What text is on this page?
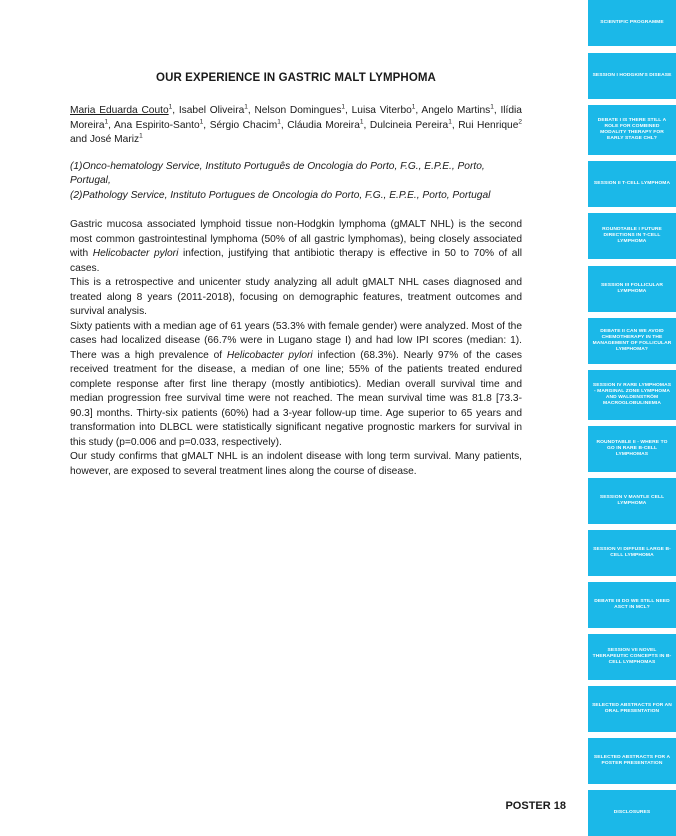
OUR EXPERIENCE IN GASTRIC MALT LYMPHOMA
Maria Eduarda Couto$^1$, Isabel Oliveira$^1$, Nelson Domingues$^1$, Luisa Viterbo$^1$, Angelo Martins$^1$, Ilídia Moreira$^1$, Ana Espirito-Santo$^1$, Sérgio Chacim$^1$, Cláudia Moreira$^1$, Dulcineia Pereira$^1$, Rui Henrique$^2$ and José Mariz$^1$
(1)Onco-hematology Service, Instituto Português de Oncologia do Porto, F.G., E.P.E., Porto, Portugal,
(2)Pathology Service, Instituto Portugues de Oncologia do Porto, F.G., E.P.E., Porto, Portugal

Gastric mucosa associated lymphoid tissue non-Hodgkin lymphoma (gMALT NHL) is the second most common gastrointestinal lymphoma (50% of all gastric lymphomas), being closely associated with Helicobacter pylori infection, justifying that antibiotic therapy is effective in 50 to 70% of all cases.

This is a retrospective and unicenter study analyzing all adult gMALT NHL cases diagnosed and treated along 8 years (2011-2018), focusing on demographic features, treatment outcomes and survival analysis.

Sixty patients with a median age of 61 years (53.3% with female gender) were analyzed. Most of the cases had localized disease (66.7% were in Lugano stage I) and had low IPI scores (median: 1). There was a high prevalence of Helicobacter pylori infection (68.3%). Nearly 97% of the cases received treatment for the disease, a median of one line; 55% of the patients treated endured complete response after first line therapy (mostly antibiotics). Median overall survival time and median progression free survival time were not reached. The mean survival time was 81.8 [73.3-90.3] months. Thirty-six patients (60%) had a 3-year follow-up time. Age superior to 65 years and transformation into DLBCL were statistically significant negative prognostic markers for survival in this study (p=0.006 and p=0.033, respectively).

Our study confirms that gMALT NHL is an indolent disease with long term survival. Many patients, however, are exposed to several treatment lines along the course of disease.

POSTER 18
SCIENTIFIC PROGRAMME
SESSION I HODGKIN'S DISEASE
DEBATE I IS THERE STILL A ROLE FOR COMBINED MODALITY THERAPY FOR EARLY STAGE CHL?
SESSION II T-CELL LYMPHOMA
ROUNDTABLE I FUTURE DIRECTIONS IN T-CELL LYMPHOMA
SESSION III FOLLICULAR LYMPHOMA
DEBATE II CAN WE AVOID CHEMOTHERAPY IN THE MANAGEMENT OF FOLLICULAR LYMPHOMA?
SESSION IV RARE LYMPHOMAS - MARGINAL ZONE LYMPHOMA AND WALDENSTRÖM MACROGLOBULINEMIA
ROUNDTABLE II - WHERE TO GO IN RARE B-CELL LYMPHOMAS
SESSION V MANTLE CELL LYMPHOMA
SESSION VI DIFFUSE LARGE B-CELL LYMPHOMA
DEBATE III DO WE STILL NEED ASCT IN MCL?
SESSION VII NOVEL THERAPEUTIC CONCEPTS IN B-CELL LYMPHOMAS
SELECTED ABSTRACTS FOR AN ORAL PRESENTATION
SELECTED ABSTRACTS FOR A POSTER PRESENTATION
DISCLOSURES
